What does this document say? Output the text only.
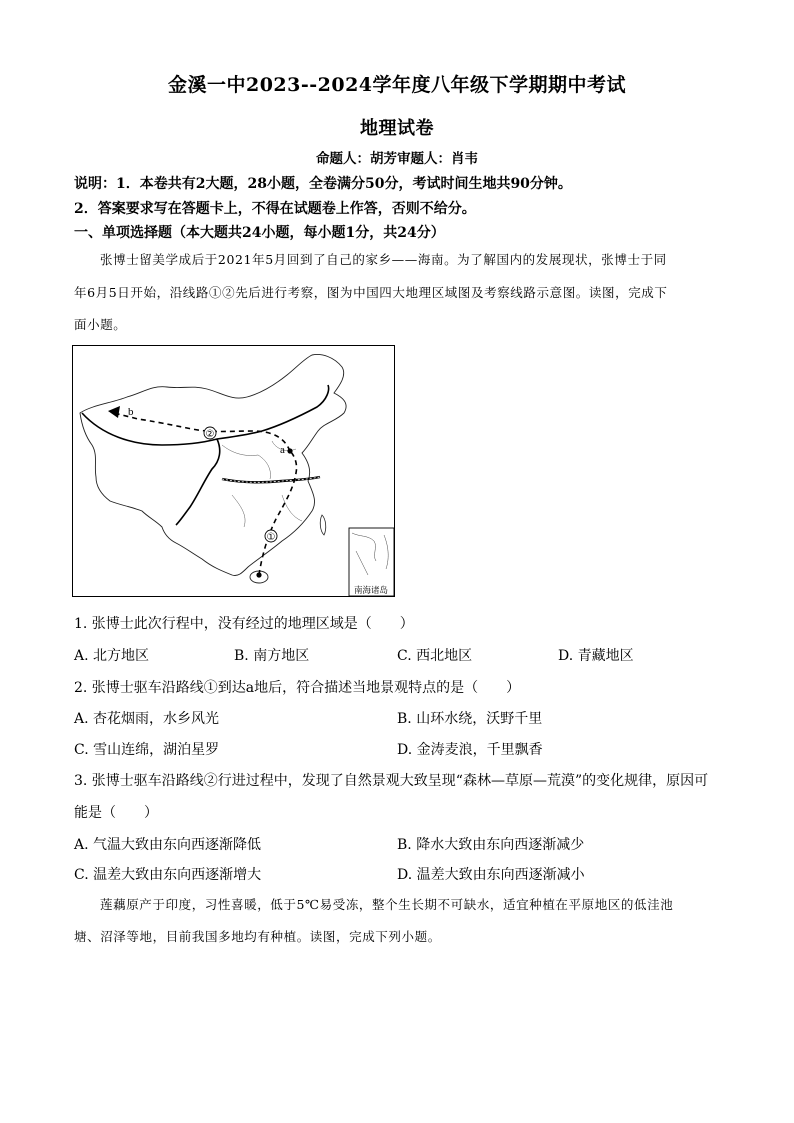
金溪一中2023--2024学年度八年级下学期期中考试
地理试卷
命题人：胡芳审题人：肖韦
说明：1．本卷共有2大题，28小题，全卷满分50分，考试时间生地共90分钟。
2．答案要求写在答题卡上，不得在试题卷上作答，否则不给分。
一、单项选择题（本大题共24小题，每小题1分，共24分）
张博士留美学成后于2021年5月回到了自己的家乡——海南。为了解国内的发展现状，张博士于同
年6月5日开始，沿线路①②先后进行考察，图为中国四大地理区域图及考察线路示意图。读图，完成下
面小题。
b
a
②
①
南海诸岛
1. 张博士此次行程中，没有经过的地理区域是（　　）
A. 北方地区	B. 南方地区	C. 西北地区	D. 青藏地区
2. 张博士驱车沿路线①到达a地后，符合描述当地景观特点的是（　　）
A. 杏花烟雨，水乡风光	B. 山环水绕，沃野千里
C. 雪山连绵，湖泊星罗	D. 金涛麦浪，千里飘香
3. 张博士驱车沿路线②行进过程中，发现了自然景观大致呈现“森林—草原—荒漠”的变化规律，原因可
能是（　　）
A. 气温大致由东向西逐渐降低	B. 降水大致由东向西逐渐减少
C. 温差大致由东向西逐渐增大	D. 温差大致由东向西逐渐减小
莲藕原产于印度，习性喜暖，低于5℃易受冻，整个生长期不可缺水，适宜种植在平原地区的低洼池
塘、沼泽等地，目前我国多地均有种植。读图，完成下列小题。
